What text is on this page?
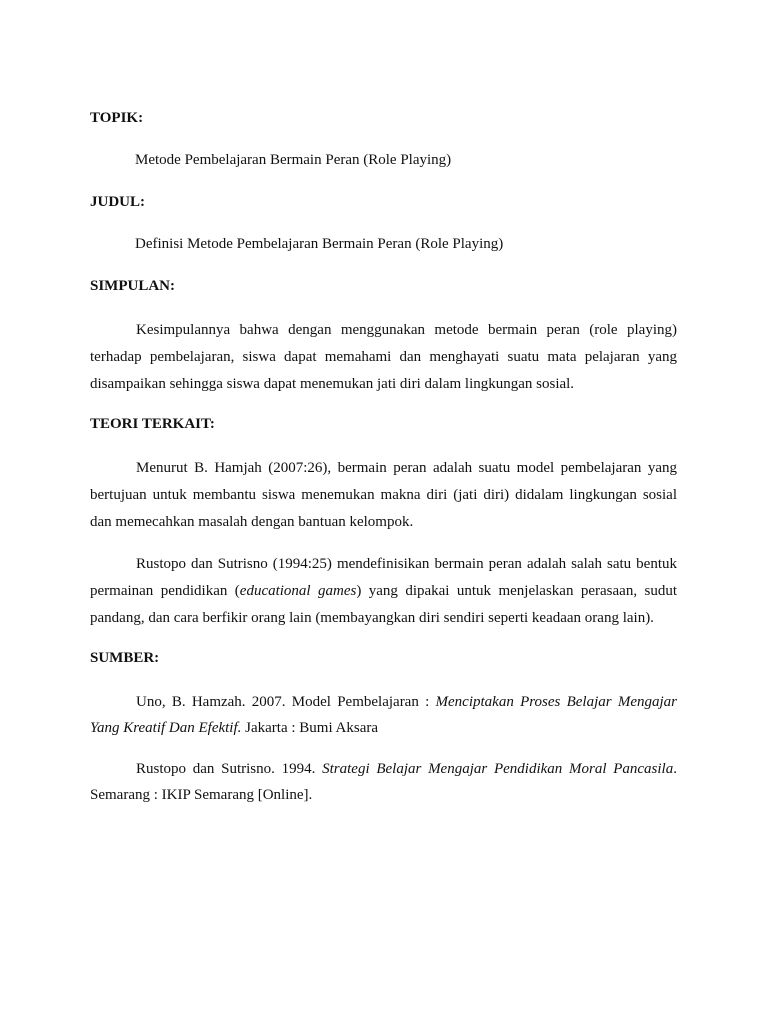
TOPIK:
Metode Pembelajaran Bermain Peran (Role Playing)
JUDUL:
Definisi Metode Pembelajaran Bermain Peran (Role Playing)
SIMPULAN:

Kesimpulannya bahwa dengan menggunakan metode bermain peran (role playing) terhadap pembelajaran, siswa dapat memahami dan menghayati suatu mata pelajaran yang disampaikan sehingga siswa dapat menemukan jati diri dalam lingkungan sosial.

TEORI TERKAIT:

Menurut B. Hamjah (2007:26), bermain peran adalah suatu model pembelajaran yang bertujuan untuk membantu siswa menemukan makna diri (jati diri) didalam lingkungan sosial dan memecahkan masalah dengan bantuan kelompok.

Rustopo dan Sutrisno (1994:25) mendefinisikan bermain peran adalah salah satu bentuk permainan pendidikan (educational games) yang dipakai untuk menjelaskan perasaan, sudut pandang, dan cara berfikir orang lain (membayangkan diri sendiri seperti keadaan orang lain).

SUMBER:

Uno, B. Hamzah. 2007. Model Pembelajaran : Menciptakan Proses Belajar Mengajar Yang Kreatif Dan Efektif. Jakarta : Bumi Aksara

Rustopo dan Sutrisno. 1994. Strategi Belajar Mengajar Pendidikan Moral Pancasila. Semarang : IKIP Semarang [Online].
